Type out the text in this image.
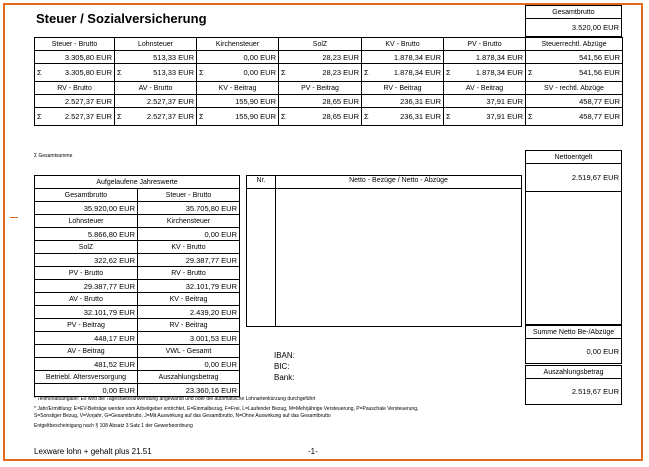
Steuer / Sozialversicherung	Gesamtbrutto
3.520,00 EUR
Steuer - Brutto	Lohnsteuer	Kirchensteuer	SolZ	KV - Brutto	PV - Brutto	Steuerrechtl. Abzüge
3.305,80 EUR	513,33 EUR	0,00 EUR	28,23 EUR	1.878,34 EUR	1.878,34 EUR	541,56 EUR

Σ 3.305,80 EUR	Σ 513,33 EUR	Σ 0,00 EUR	Σ 28,23 EUR	Σ 1.878,34 EUR	Σ 1.878,34 EUR	Σ 541,56 EUR
RV - Brutto	AV - Brutto	KV - Beitrag	PV - Beitrag	RV - Beitrag	AV - Beitrag	SV - rechtl. Abzüge
2.527,37 EUR	2.527,37 EUR	155,90 EUR	28,65 EUR	236,31 EUR	37,91 EUR	458,77 EUR

Σ 2.527,37 EUR	Σ 2.527,37 EUR	Σ 155,90 EUR	Σ 28,65 EUR	Σ 236,31 EUR	Σ 37,91 EUR	Σ 458,77 EUR
Σ Gesamtsumme	Nettoentgelt
2.519,67 EUR
Aufgelaufene Jahreswerte	
Gesamtbrutto	Steuer - Brutto
35.920,00 EUR	35.705,80 EUR
Lohnsteuer	Kirchensteuer
5.866,80 EUR	0,00 EUR
SolZ	KV - Brutto
322,62 EUR	29.387,77 EUR
PV - Brutto	RV - Brutto
29.387,77 EUR	32.101,79 EUR
AV - Brutto	KV - Beitrag
32.101,79 EUR	2.439,20 EUR
PV - Beitrag	RV - Beitrag
448,17 EUR	3.001,53 EUR
AV - Beitrag	VWL - Gesamt
481,52 EUR	0,00 EUR
Betriebl. Altersversorgung	Auszahlungsbetrag
0,00 EUR	23.360,16 EUR
Nr.	Netto - Bezüge / Netto - Abzüge
Summe Netto Be-/Abzüge
0,00 EUR
IBAN:
BIC:
Bank:
Auszahlungsbetrag
2.519,67 EUR
* Teilmonatsangabe: Es wird die Tagesfaktoranwendung angewandt und oder die automatische Lohnartenkürzung durchgeführt
* Jahr/Ermittlung: E=EV-Beiträge werden vom Arbeitgeber entrichtet, E=Einmalbezug, F=Frei, L=Laufender Bezug, M=Mehrjährige Versteuerung, P=Pauschale Versteuerung,
S=Sonstiger Bezug, V=Vorjahr, G=Gesamtbrutto, J=Mit Auswirkung auf das Gesamtbrutto, N=Ohne Auswirkung auf das Gesamtbrutto
Entgeltbescheinigung nach § 108 Absatz 3 Satz 1 der Gewerbeordnung
Lexware lohn + gehalt plus 21.51	-1-
